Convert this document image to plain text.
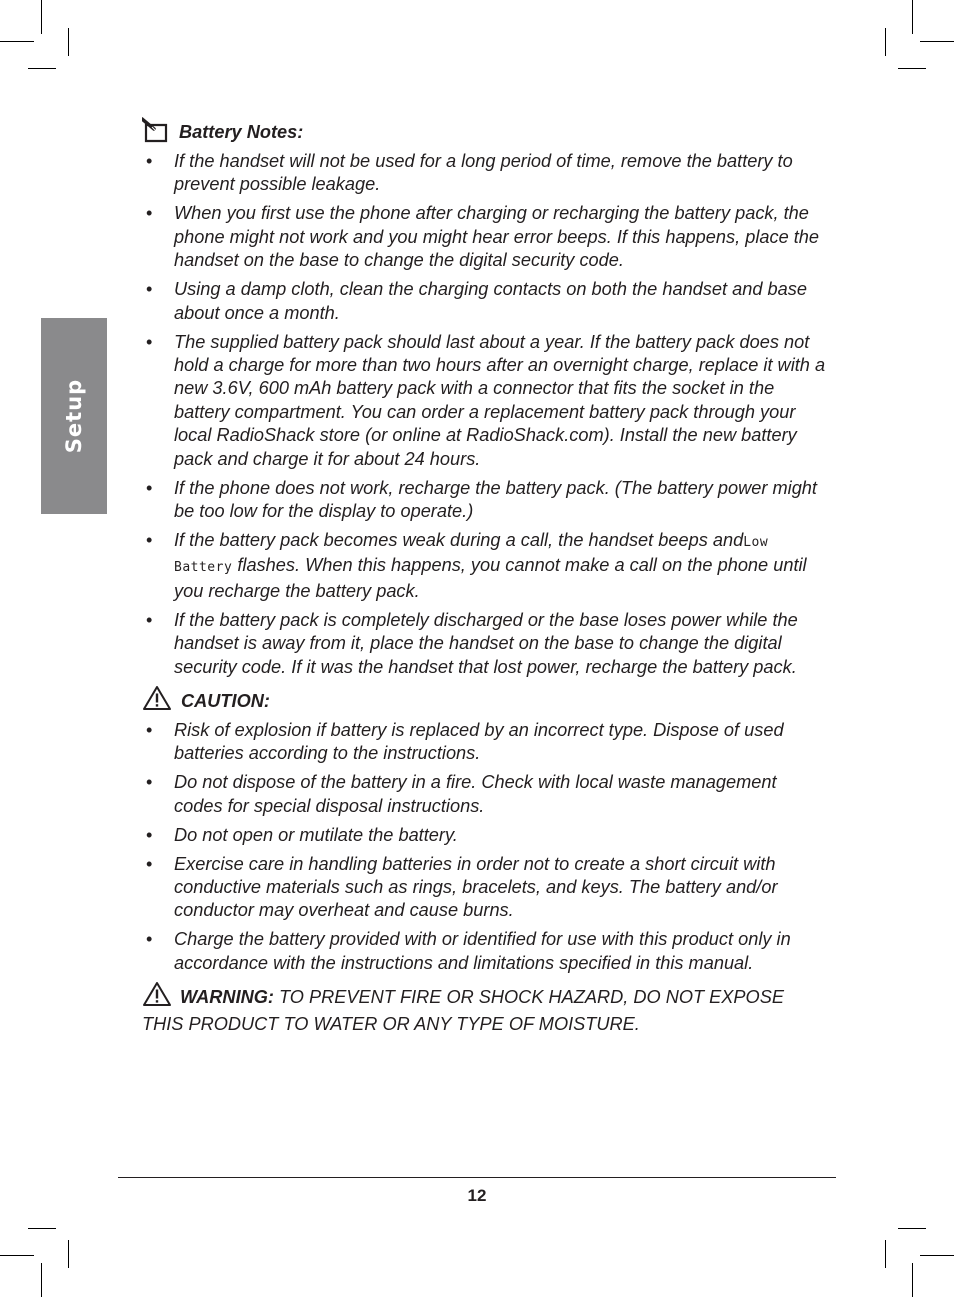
Setup
Battery Notes:
• If the handset will not be used for a long period of time, remove the battery to prevent possible leakage.
• When you first use the phone after charging or recharging the battery pack, the phone might not work and you might hear error beeps. If this happens, place the handset on the base to change the digital security code.
• Using a damp cloth, clean the charging contacts on both the handset and base about once a month.
• The supplied battery pack should last about a year. If the battery pack does not hold a charge for more than two hours after an overnight charge, replace it with a new 3.6V, 600 mAh battery pack with a connector that fits the socket in the battery compartment. You can order a replacement battery pack through your local RadioShack store (or online at RadioShack.com). Install the new battery pack and charge it for about 24 hours.
• If the phone does not work, recharge the battery pack. (The battery power might be too low for the display to operate.)
• If the battery pack becomes weak during a call, the handset beeps andLow Battery flashes. When this happens, you cannot make a call on the phone until you recharge the battery pack.
• If the battery pack is completely discharged or the base loses power while the handset is away from it, place the handset on the base to change the digital security code. If it was the handset that lost power, recharge the battery pack.
CAUTION:
• Risk of explosion if battery is replaced by an incorrect type. Dispose of used batteries according to the instructions.
• Do not dispose of the battery in a fire. Check with local waste management codes for special disposal instructions.
• Do not open or mutilate the battery.
• Exercise care in handling batteries in order not to create a short circuit with conductive materials such as rings, bracelets, and keys. The battery and/or conductor may overheat and cause burns.
• Charge the battery provided with or identified for use with this product only in accordance with the instructions and limitations specified in this manual.
WARNING: TO PREVENT FIRE OR SHOCK HAZARD, DO NOT EXPOSE THIS PRODUCT TO WATER OR ANY TYPE OF MOISTURE.
12
